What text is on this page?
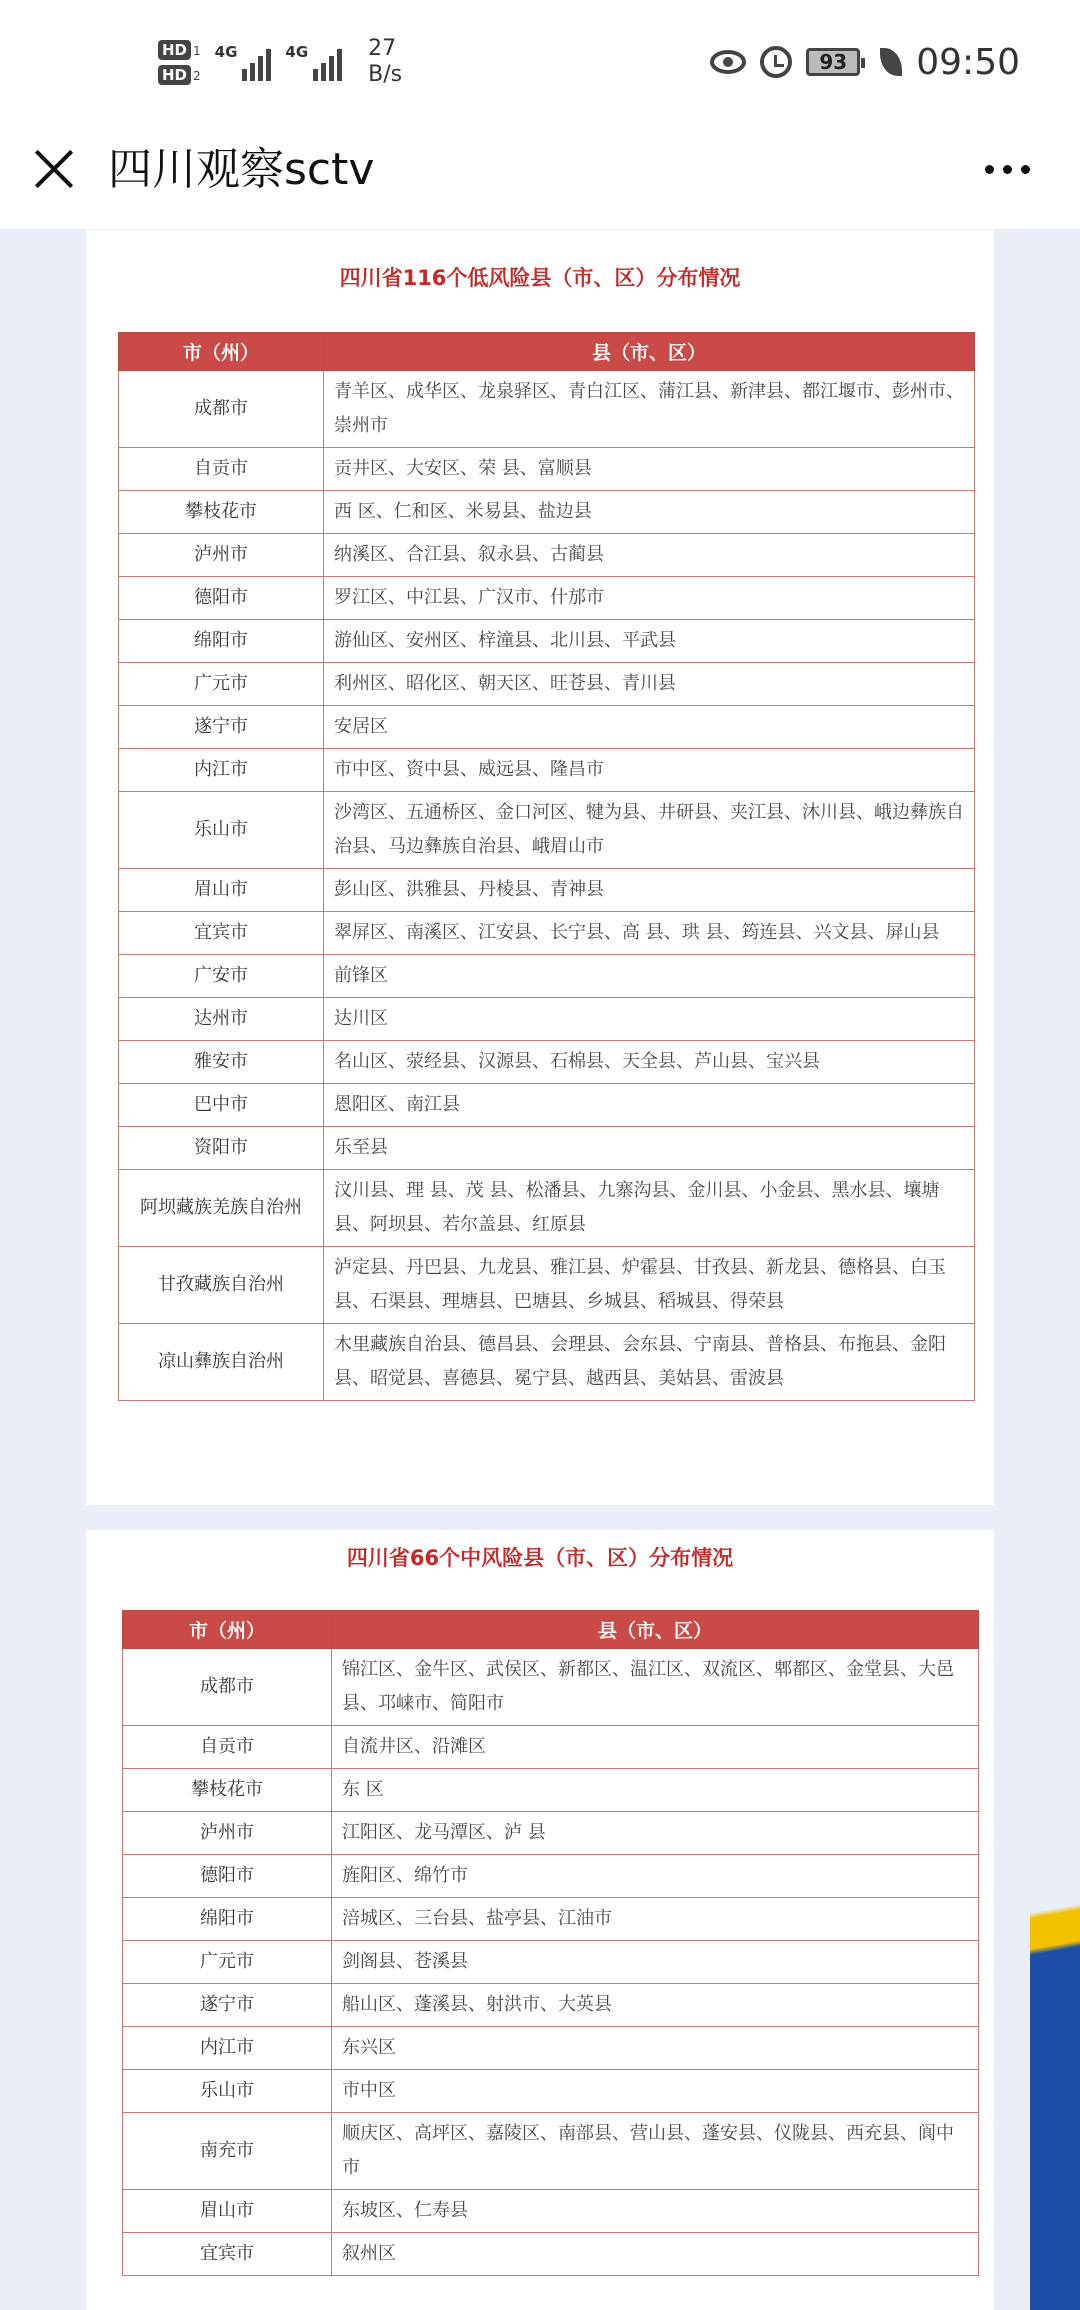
HD 1
HD 2
4G	4G	27
B/s	93	09:50
四川观察sctv
四川省116个低风险县（市、区）分布情况
市（州）	县（市、区）
成都市	青羊区、成华区、龙泉驿区、青白江区、蒲江县、新津县、都江堰市、彭州市、崇州市
自贡市	贡井区、大安区、荣 县、富顺县
攀枝花市	西 区、仁和区、米易县、盐边县
泸州市	纳溪区、合江县、叙永县、古蔺县
德阳市	罗江区、中江县、广汉市、什邡市
绵阳市	游仙区、安州区、梓潼县、北川县、平武县
广元市	利州区、昭化区、朝天区、旺苍县、青川县
遂宁市	安居区
内江市	市中区、资中县、威远县、隆昌市
乐山市	沙湾区、五通桥区、金口河区、犍为县、井研县、夹江县、沐川县、峨边彝族自治县、马边彝族自治县、峨眉山市
眉山市	彭山区、洪雅县、丹棱县、青神县
宜宾市	翠屏区、南溪区、江安县、长宁县、高 县、珙 县、筠连县、兴文县、屏山县
广安市	前锋区
达州市	达川区
雅安市	名山区、荥经县、汉源县、石棉县、天全县、芦山县、宝兴县
巴中市	恩阳区、南江县
资阳市	乐至县
阿坝藏族羌族自治州	汶川县、理 县、茂 县、松潘县、九寨沟县、金川县、小金县、黑水县、壤塘县、阿坝县、若尔盖县、红原县
甘孜藏族自治州	泸定县、丹巴县、九龙县、雅江县、炉霍县、甘孜县、新龙县、德格县、白玉县、石渠县、理塘县、巴塘县、乡城县、稻城县、得荣县
凉山彝族自治州	木里藏族自治县、德昌县、会理县、会东县、宁南县、普格县、布拖县、金阳县、昭觉县、喜德县、冕宁县、越西县、美姑县、雷波县
四川省66个中风险县（市、区）分布情况
市（州）	县（市、区）
成都市	锦江区、金牛区、武侯区、新都区、温江区、双流区、郫都区、金堂县、大邑县、邛崃市、简阳市
自贡市	自流井区、沿滩区
攀枝花市	东 区
泸州市	江阳区、龙马潭区、泸 县
德阳市	旌阳区、绵竹市
绵阳市	涪城区、三台县、盐亭县、江油市
广元市	剑阁县、苍溪县
遂宁市	船山区、蓬溪县、射洪市、大英县
内江市	东兴区
乐山市	市中区
南充市	顺庆区、高坪区、嘉陵区、南部县、营山县、蓬安县、仪陇县、西充县、阆中市
眉山市	东坡区、仁寿县
宜宾市	叙州区
